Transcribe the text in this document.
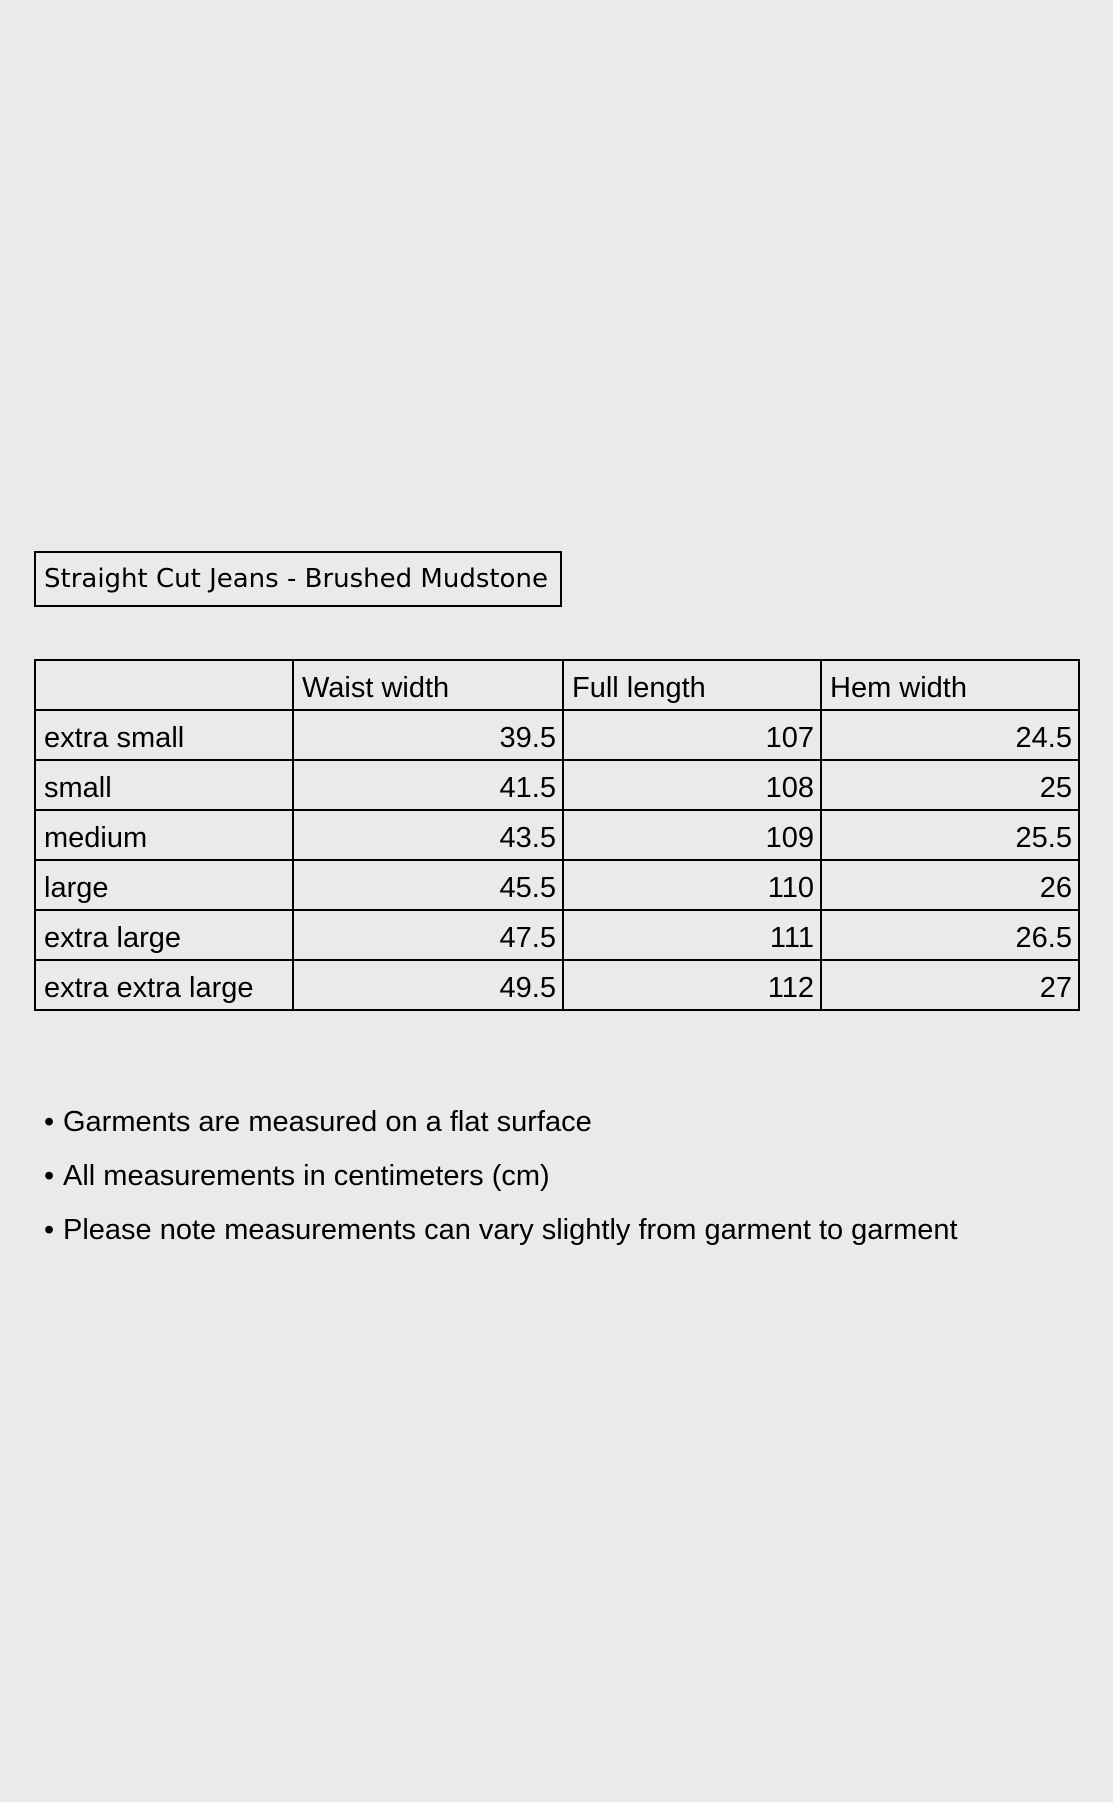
Straight Cut Jeans - Brushed Mudstone
	Waist width	Full length	Hem width
extra small	39.5	107	24.5
small	41.5	108	25
medium	43.5	109	25.5
large	45.5	110	26
extra large	47.5	111	26.5
extra extra large	49.5	112	27
• Garments are measured on a flat surface
• All measurements in centimeters (cm)
• Please note measurements can vary slightly from garment to garment
